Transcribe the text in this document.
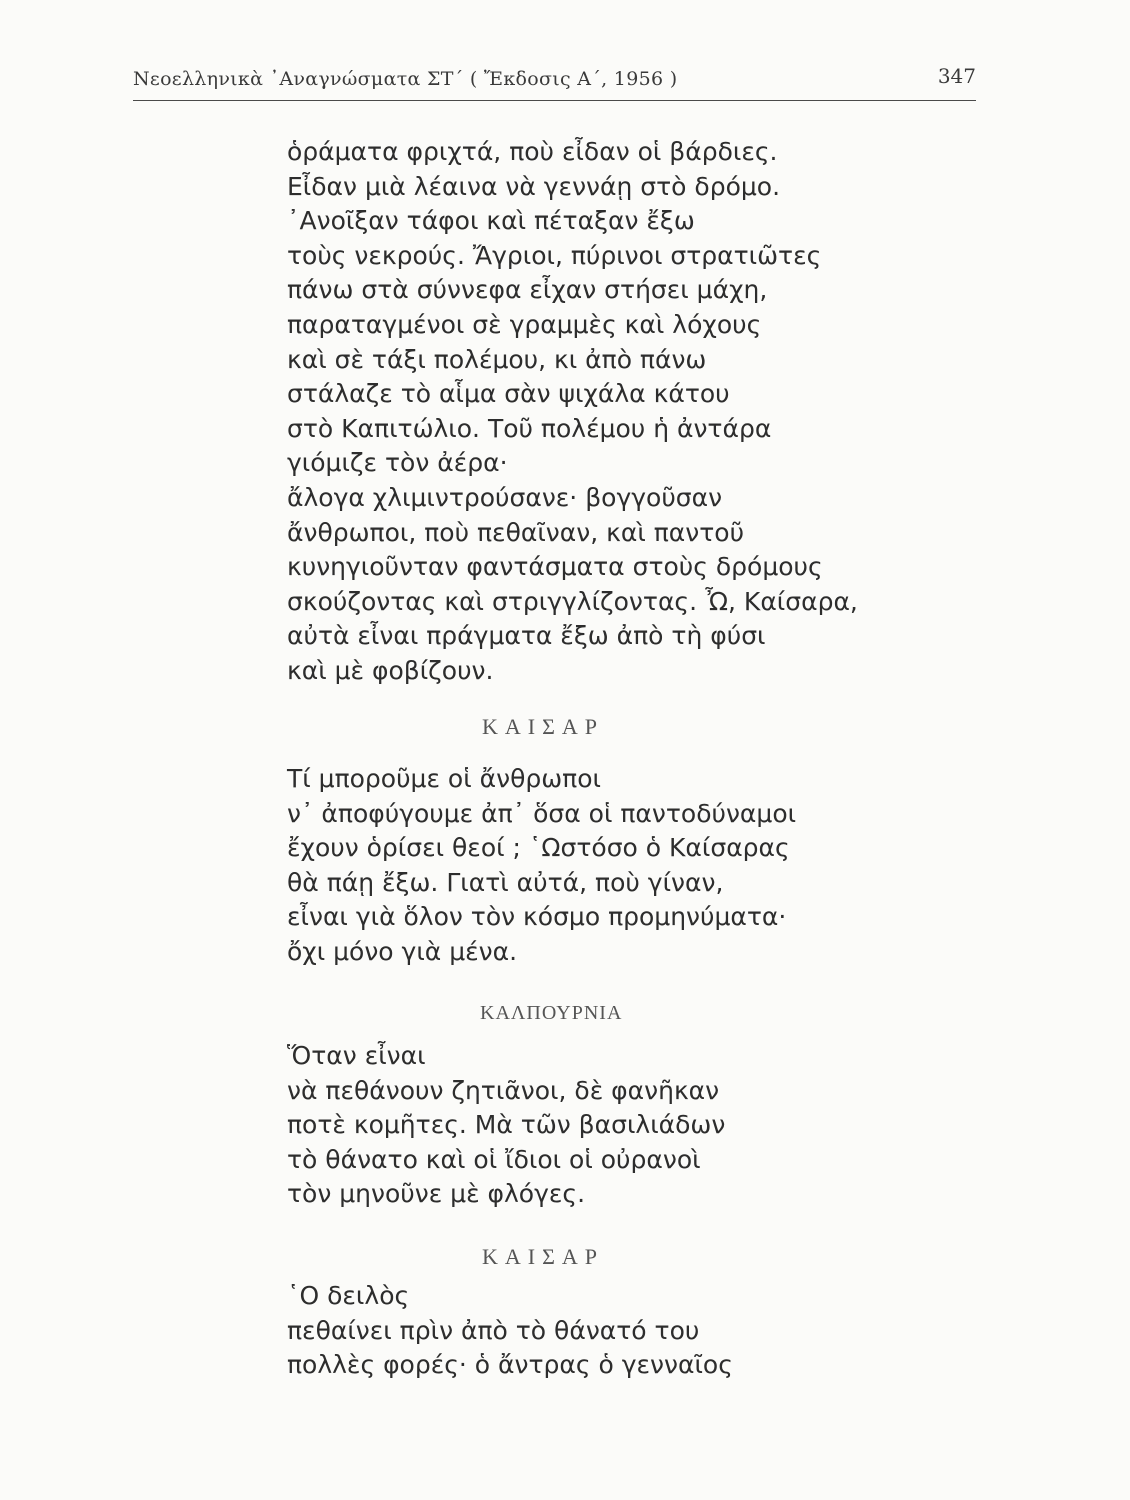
Νεοελληνικὰ ᾿Αναγνώσματα ΣΤ΄ ( Ἔκδοσις Α΄, 1956 )	347
ὁράματα φριχτά, ποὺ εἶδαν οἱ βάρδιες.
Εἶδαν μιὰ λέαινα νὰ γεννάῃ στὸ δρόμο.
᾿Ανοῖξαν τάφοι καὶ πέταξαν ἔξω
τοὺς νεκρούς. Ἄγριοι, πύρινοι στρατιῶτες
πάνω στὰ σύννεφα εἶχαν στήσει μάχη,
παραταγμένοι σὲ γραμμὲς καὶ λόχους
καὶ σὲ τάξι πολέμου, κι ἀπὸ πάνω
στάλαζε τὸ αἷμα σὰν ψιχάλα κάτου
στὸ Καπιτώλιο. Τοῦ πολέμου ἡ ἀντάρα
γιόμιζε τὸν ἀέρα·
ἄλογα χλιμιντρούσανε· βογγοῦσαν
ἄνθρωποι, ποὺ πεθαῖναν, καὶ παντοῦ
κυνηγιοῦνταν φαντάσματα στοὺς δρόμους
σκούζοντας καὶ στριγγλίζοντας. Ὦ, Καίσαρα,
αὐτὰ εἶναι πράγματα ἔξω ἀπὸ τὴ φύσι
καὶ μὲ φοβίζουν.
ΚΑΙΣΑΡ
Τί μποροῦμε οἱ ἄνθρωποι
ν᾿ ἀποφύγουμε ἀπ᾿ ὅσα οἱ παντοδύναμοι
ἔχουν ὁρίσει θεοί ; ῾Ωστόσο ὁ Καίσαρας
θὰ πάῃ ἔξω. Γιατὶ αὐτά, ποὺ γίναν,
εἶναι γιὰ ὅλον τὸν κόσμο προμηνύματα·
ὄχι μόνο γιὰ μένα.
ΚΑΛΠΟΥΡΝΙΑ
Ὅταν εἶναι
νὰ πεθάνουν ζητιᾶνοι, δὲ φανῆκαν
ποτὲ κομῆτες. Μὰ τῶν βασιλιάδων
τὸ θάνατο καὶ οἱ ἴδιοι οἱ οὐρανοὶ
τὸν μηνοῦνε μὲ φλόγες.
ΚΑΙΣΑΡ
῾Ο δειλὸς
πεθαίνει πρὶν ἀπὸ τὸ θάνατό του
πολλὲς φορές· ὁ ἄντρας ὁ γενναῖος
